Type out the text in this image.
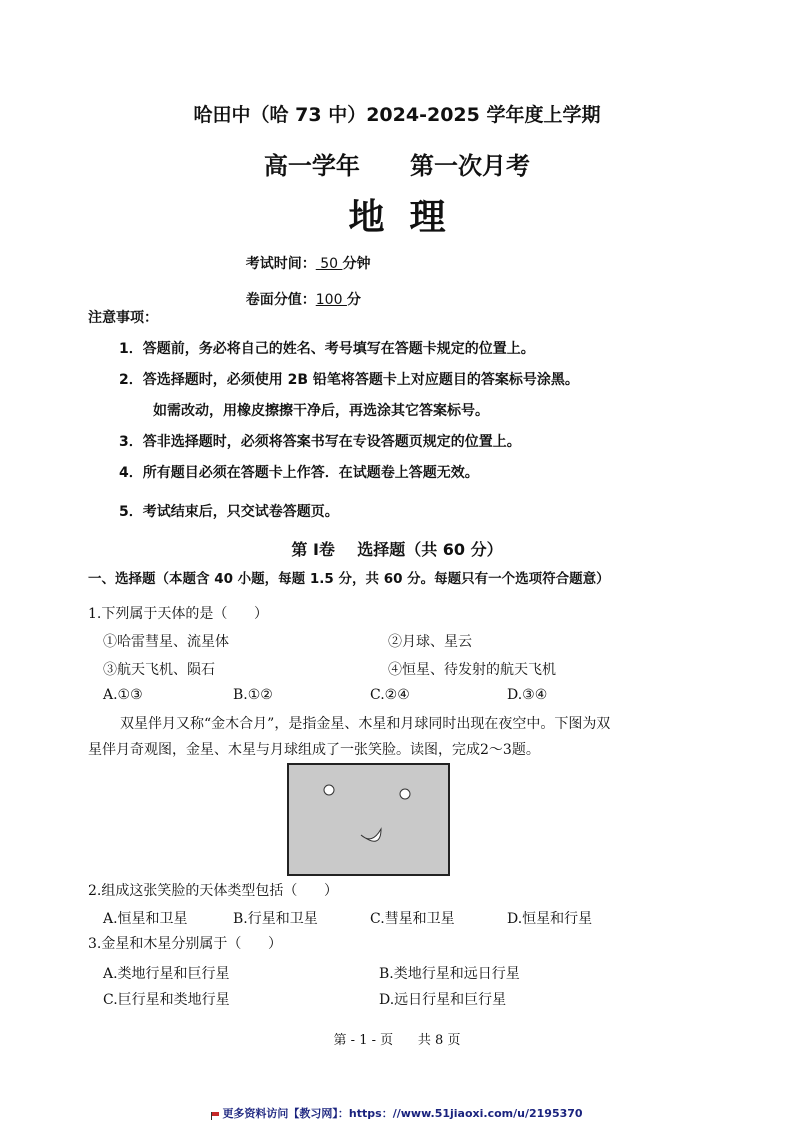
哈田中（哈 73 中）2024-2025 学年度上学期
高一学年      第一次月考
地  理

考试时间： 50 分钟

卷面分值：100 分

注意事项：
1．答题前，务必将自己的姓名、考号填写在答题卡规定的位置上。
2．答选择题时，必须使用 2B 铅笔将答题卡上对应题目的答案标号涂黑。
如需改动，用橡皮擦擦干净后，再选涂其它答案标号。
3．答非选择题时，必须将答案书写在专设答题页规定的位置上。
4．所有题目必须在答题卡上作答．在试题卷上答题无效。
5．考试结束后，只交试卷答题页。
第 Ⅰ卷    选择题（共 60 分）
一、选择题（本题含 40 小题，每题 1.5 分，共 60 分。每题只有一个选项符合题意）
1.下列属于天体的是（      ）
①哈雷彗星、流星体	②月球、星云
③航天飞机、陨石	④恒星、待发射的航天飞机
A.①③	B.①②	C.②④	D.③④
双星伴月又称“金木合月”，是指金星、木星和月球同时出现在夜空中。下图为双
星伴月奇观图，金星、木星与月球组成了一张笑脸。读图，完成2～3题。
2.组成这张笑脸的天体类型包括（      ）
A.恒星和卫星	B.行星和卫星	C.彗星和卫星	D.恒星和行星
3.金星和木星分别属于（      ）
A.类地行星和巨行星	B.类地行星和远日行星
C.巨行星和类地行星	D.远日行星和巨行星
第 - 1 - 页      共 8 页
更多资料访问【教习网】：https：//www.51jiaoxi.com/u/2195370
